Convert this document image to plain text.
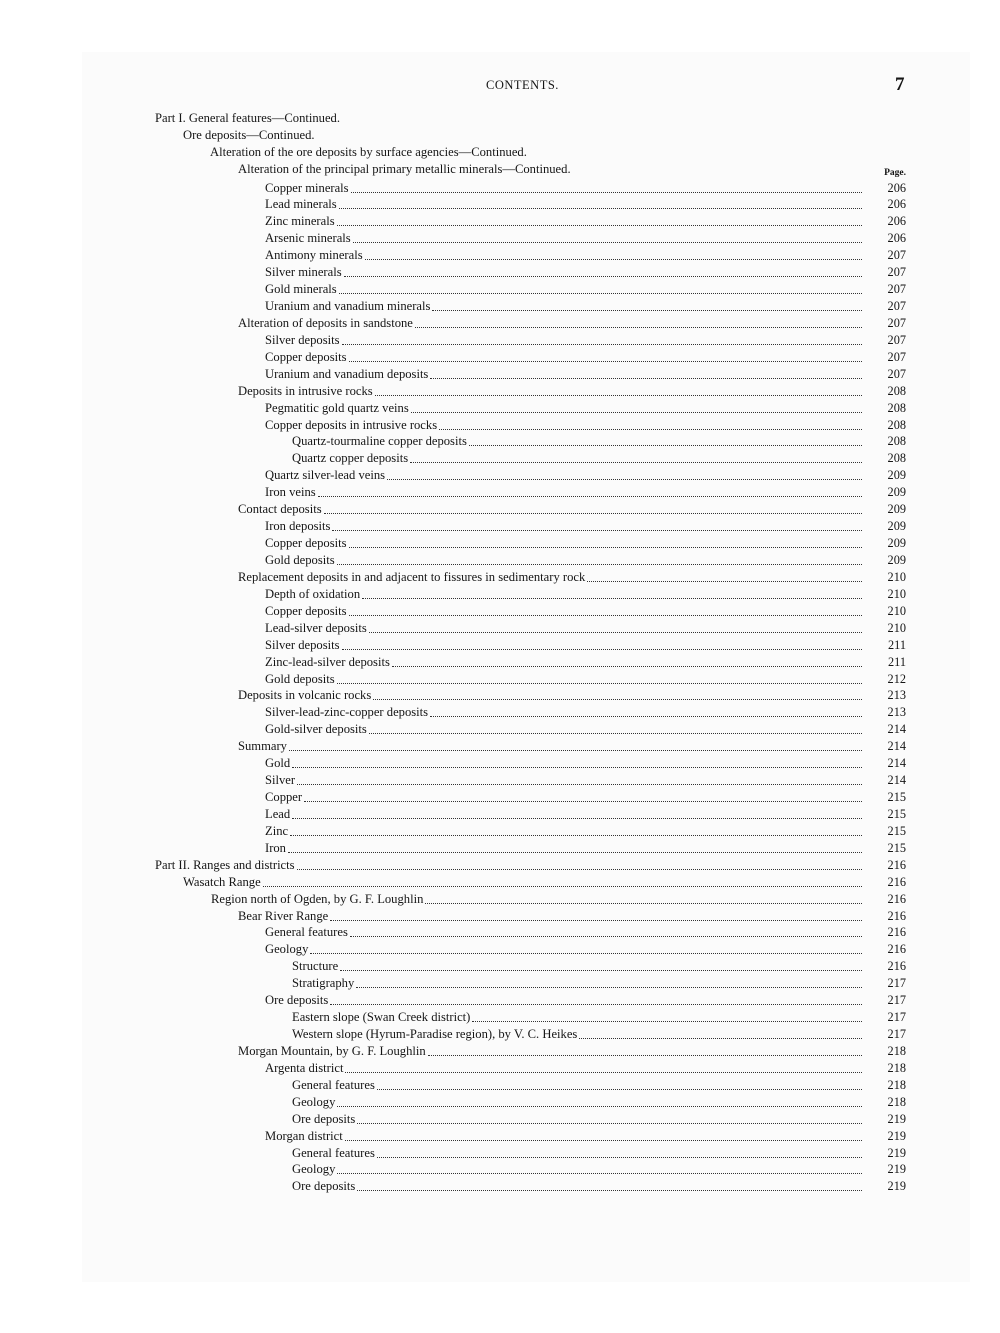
CONTENTS.	7
Part I. General features—Continued.
Ore deposits—Continued.
Alteration of the ore deposits by surface agencies—Continued.
Alteration of the principal primary metallic minerals—Continued.	Page.
Copper minerals	206
Lead minerals	206
Zinc minerals	206
Arsenic minerals	206
Antimony minerals	207
Silver minerals	207
Gold minerals	207
Uranium and vanadium minerals	207
Alteration of deposits in sandstone	207
Silver deposits	207
Copper deposits	207
Uranium and vanadium deposits	207
Deposits in intrusive rocks	208
Pegmatitic gold quartz veins	208
Copper deposits in intrusive rocks	208
Quartz-tourmaline copper deposits	208
Quartz copper deposits	208
Quartz silver-lead veins	209
Iron veins	209
Contact deposits	209
Iron deposits	209
Copper deposits	209
Gold deposits	209
Replacement deposits in and adjacent to fissures in sedimentary rock	210
Depth of oxidation	210
Copper deposits	210
Lead-silver deposits	210
Silver deposits	211
Zinc-lead-silver deposits	211
Gold deposits	212
Deposits in volcanic rocks	213
Silver-lead-zinc-copper deposits	213
Gold-silver deposits	214
Summary	214
Gold	214
Silver	214
Copper	215
Lead	215
Zinc	215
Iron	215
Part II. Ranges and districts	216
Wasatch Range	216
Region north of Ogden, by G. F. Loughlin	216
Bear River Range	216
General features	216
Geology	216
Structure	216
Stratigraphy	217
Ore deposits	217
Eastern slope (Swan Creek district)	217
Western slope (Hyrum-Paradise region), by V. C. Heikes	217
Morgan Mountain, by G. F. Loughlin	218
Argenta district	218
General features	218
Geology	218
Ore deposits	219
Morgan district	219
General features	219
Geology	219
Ore deposits	219
